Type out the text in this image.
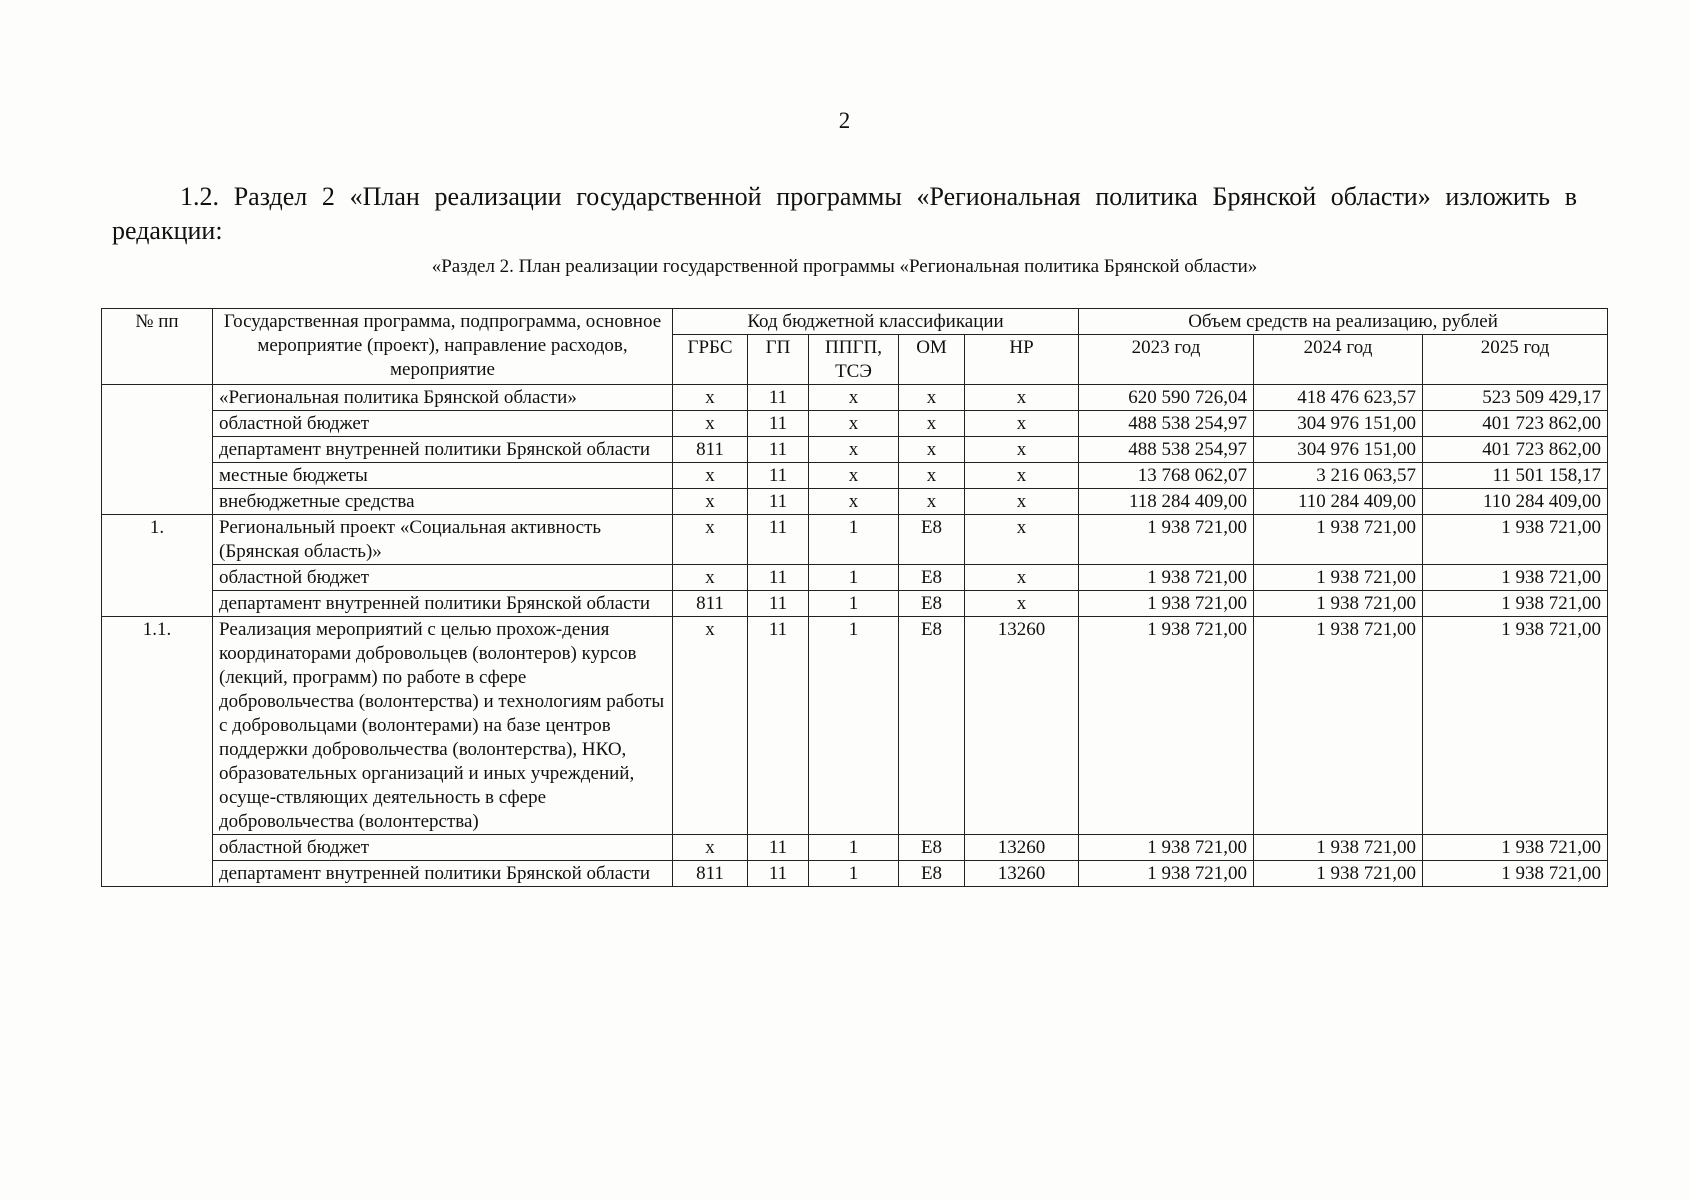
2
1.2. Раздел 2 «План реализации государственной программы «Региональная политика Брянской области» изложить в редакции:
«Раздел 2. План реализации государственной программы «Региональная политика Брянской области»
№ пп	Государственная программа, подпрограмма, основное мероприятие (проект), направление расходов, мероприятие	Код бюджетной классификации					Объем средств на реализацию, рублей		
		ГРБС	ГП	ППГП, ТСЭ	ОМ	НР	2023 год	2024 год	2025 год
	«Региональная политика Брянской области»	х	11	х	х	х	620 590 726,04	418 476 623,57	523 509 429,17
	областной бюджет	х	11	х	х	х	488 538 254,97	304 976 151,00	401 723 862,00
	департамент внутренней политики Брянской области	811	11	х	х	х	488 538 254,97	304 976 151,00	401 723 862,00
	местные бюджеты	х	11	х	х	х	13 768 062,07	3 216 063,57	11 501 158,17
	внебюджетные средства	х	11	х	х	х	118 284 409,00	110 284 409,00	110 284 409,00
1.	Региональный проект «Социальная активность (Брянская область)»	х	11	1	Е8	х	1 938 721,00	1 938 721,00	1 938 721,00
	областной бюджет	х	11	1	Е8	х	1 938 721,00	1 938 721,00	1 938 721,00
	департамент внутренней политики Брянской области	811	11	1	Е8	х	1 938 721,00	1 938 721,00	1 938 721,00
1.1.	Реализация мероприятий с целью прохож-дения координаторами добровольцев (волонтеров) курсов (лекций, программ) по работе в сфере добровольчества (волонтерства) и технологиям работы с добровольцами (волонтерами) на базе центров поддержки добровольчества (волонтерства), НКО, образовательных организаций и иных учреждений, осуще-ствляющих деятельность в сфере добровольчества (волонтерства)	х	11	1	Е8	13260	1 938 721,00	1 938 721,00	1 938 721,00
	областной бюджет	х	11	1	Е8	13260	1 938 721,00	1 938 721,00	1 938 721,00
	департамент внутренней политики Брянской области	811	11	1	Е8	13260	1 938 721,00	1 938 721,00	1 938 721,00
